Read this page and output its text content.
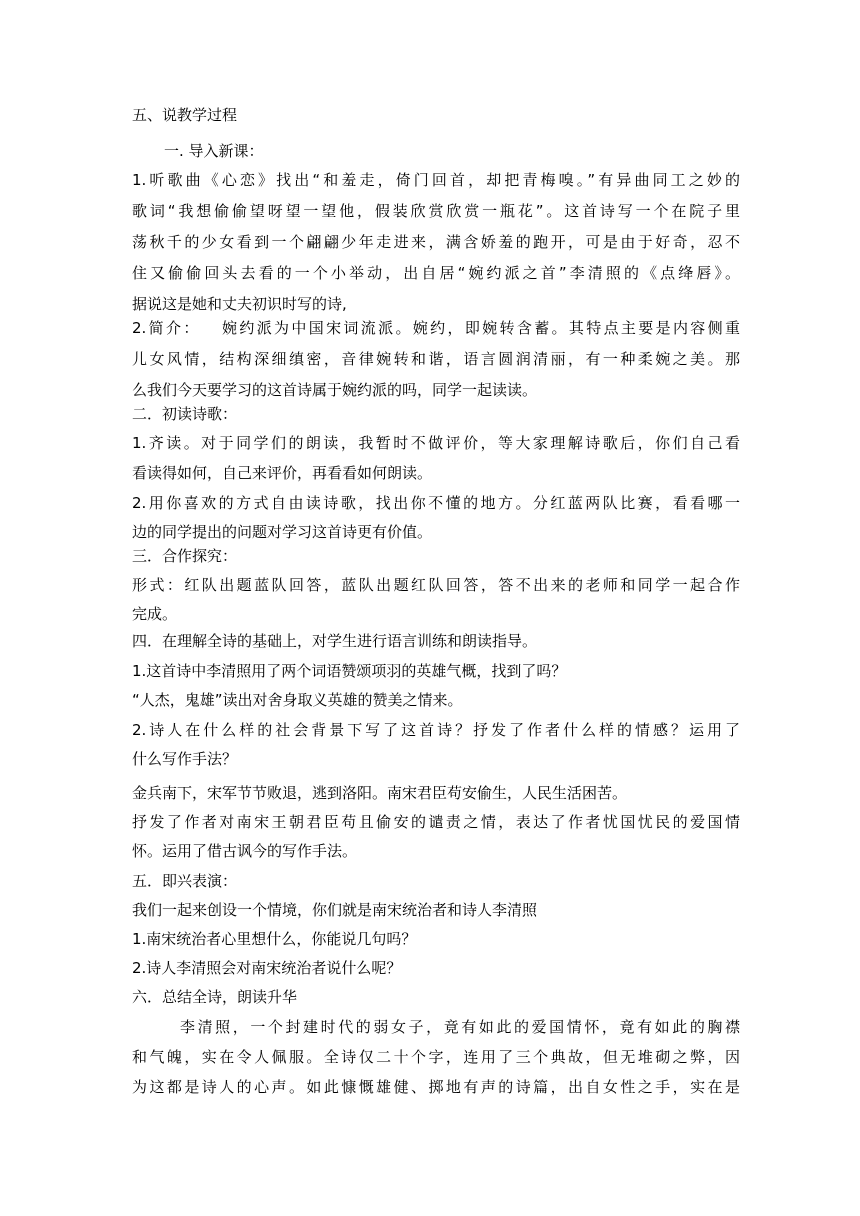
五、说教学过程
一. 导入新课：
1.听歌曲《心恋》找出“和羞走，倚门回首，却把青梅嗅。”有异曲同工之妙的
歌词“我想偷偷望呀望一望他，假装欣赏欣赏一瓶花”。这首诗写一个在院子里
荡秋千的少女看到一个翩翩少年走进来，满含娇羞的跑开，可是由于好奇，忍不
住又偷偷回头去看的一个小举动，出自居“婉约派之首”李清照的《点绛唇》。
据说这是她和丈夫初识时写的诗,
2.简介：   婉约派为中国宋词流派。婉约，即婉转含蓄。其特点主要是内容侧重
儿女风情，结构深细缜密，音律婉转和谐，语言圆润清丽，有一种柔婉之美。那
么我们今天要学习的这首诗属于婉约派的吗，同学一起读读。
二．初读诗歌：
1.齐读。对于同学们的朗读，我暂时不做评价，等大家理解诗歌后，你们自己看
看读得如何，自己来评价，再看看如何朗读。
2.用你喜欢的方式自由读诗歌，找出你不懂的地方。分红蓝两队比赛，看看哪一
边的同学提出的问题对学习这首诗更有价值。
三．合作探究：
形式：红队出题蓝队回答，蓝队出题红队回答，答不出来的老师和同学一起合作
完成。
四．在理解全诗的基础上，对学生进行语言训练和朗读指导。
1.这首诗中李清照用了两个词语赞颂项羽的英雄气概，找到了吗？
“人杰，鬼雄”读出对舍身取义英雄的赞美之情来。
2.诗人在什么样的社会背景下写了这首诗？抒发了作者什么样的情感？运用了
什么写作手法？
金兵南下，宋军节节败退，逃到洛阳。南宋君臣苟安偷生，人民生活困苦。
抒发了作者对南宋王朝君臣苟且偷安的谴责之情，表达了作者忧国忧民的爱国情
怀。运用了借古讽今的写作手法。
五．即兴表演：
我们一起来创设一个情境，你们就是南宋统治者和诗人李清照
1.南宋统治者心里想什么，你能说几句吗？
2.诗人李清照会对南宋统治者说什么呢？
六．总结全诗，朗读升华
李清照，一个封建时代的弱女子，竟有如此的爱国情怀，竟有如此的胸襟
和气魄，实在令人佩服。全诗仅二十个字，连用了三个典故，但无堆砌之弊，因
为这都是诗人的心声。如此慷慨雄健、掷地有声的诗篇，出自女性之手，实在是
